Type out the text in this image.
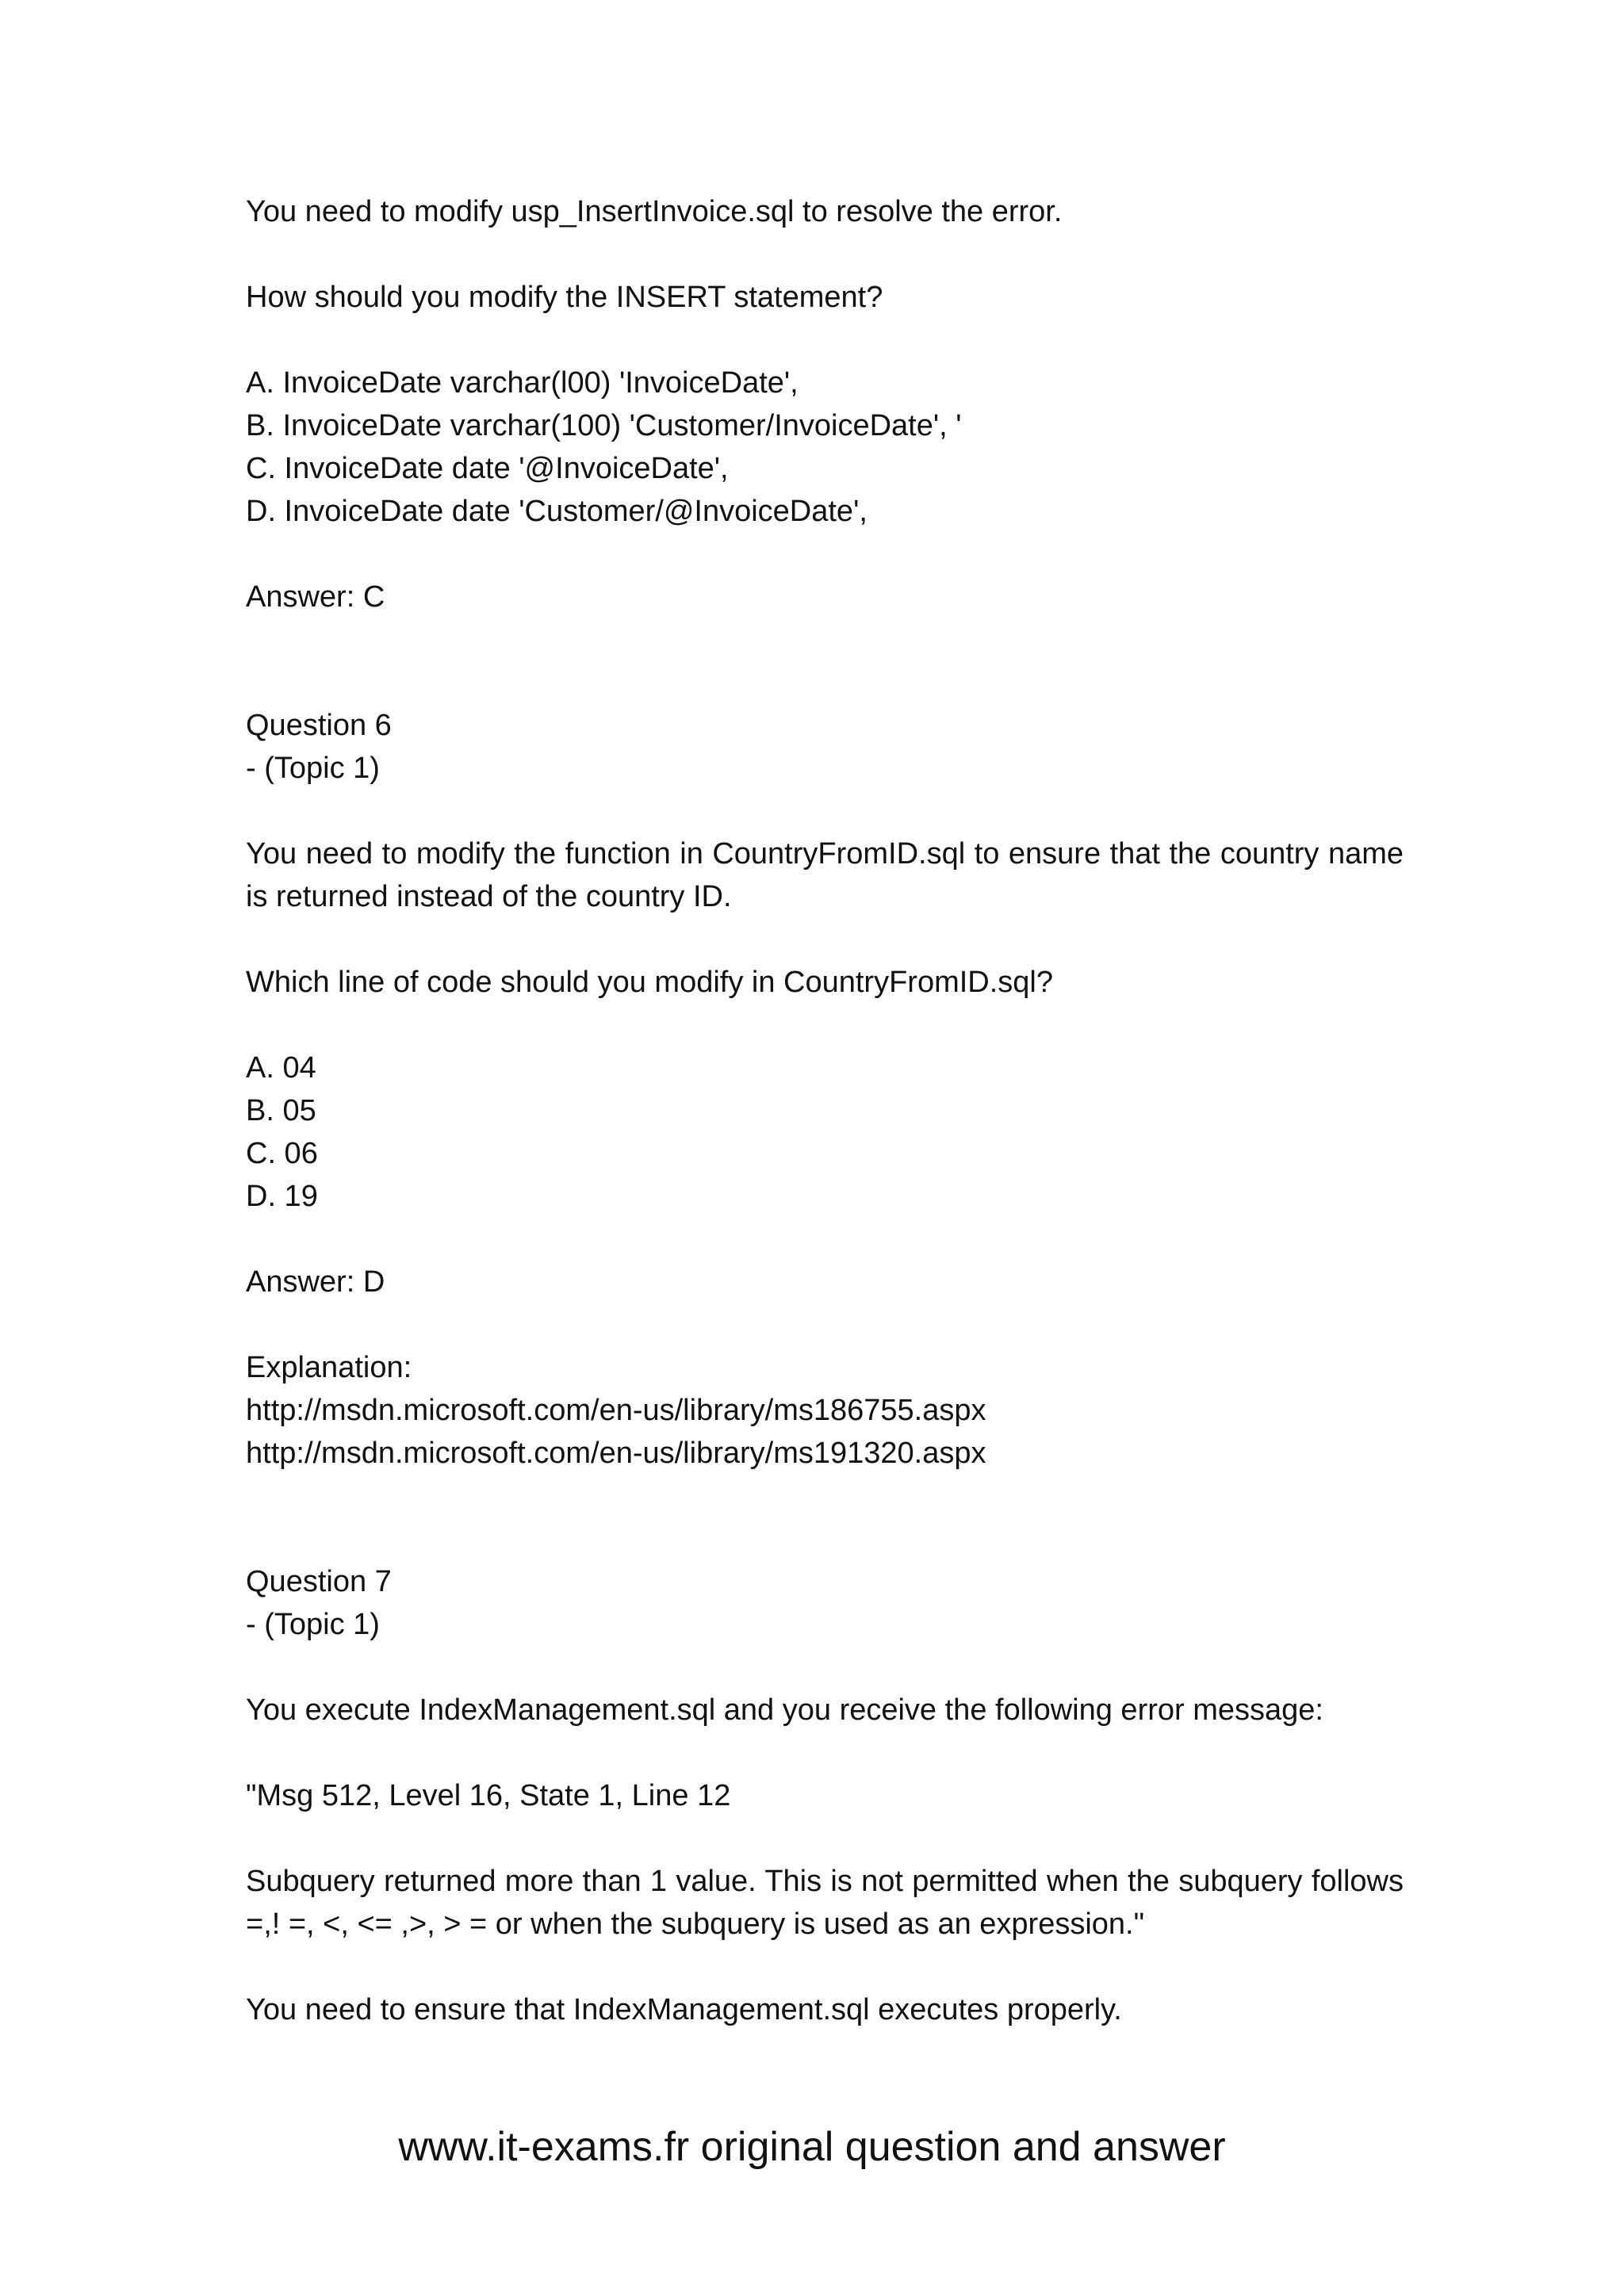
You need to modify usp_InsertInvoice.sql to resolve the error.
How should you modify the INSERT statement?
A. InvoiceDate varchar(l00) 'InvoiceDate',
B. InvoiceDate varchar(100) 'Customer/InvoiceDate', '
C. InvoiceDate date '@InvoiceDate',
D. InvoiceDate date 'Customer/@InvoiceDate',
Answer: C
Question 6
- (Topic 1)
You need to modify the function in CountryFromID.sql to ensure that the country name is returned instead of the country ID.
Which line of code should you modify in CountryFromID.sql?
A. 04
B. 05
C. 06
D. 19
Answer: D
Explanation:
http://msdn.microsoft.com/en-us/library/ms186755.aspx
http://msdn.microsoft.com/en-us/library/ms191320.aspx
Question 7
- (Topic 1)
You execute IndexManagement.sql and you receive the following error message:
"Msg 512, Level 16, State 1, Line 12
Subquery returned more than 1 value. This is not permitted when the subquery follows =,! =, <, <= ,>, > = or when the subquery is used as an expression."
You need to ensure that IndexManagement.sql executes properly.
www.it-exams.fr original question and answer
